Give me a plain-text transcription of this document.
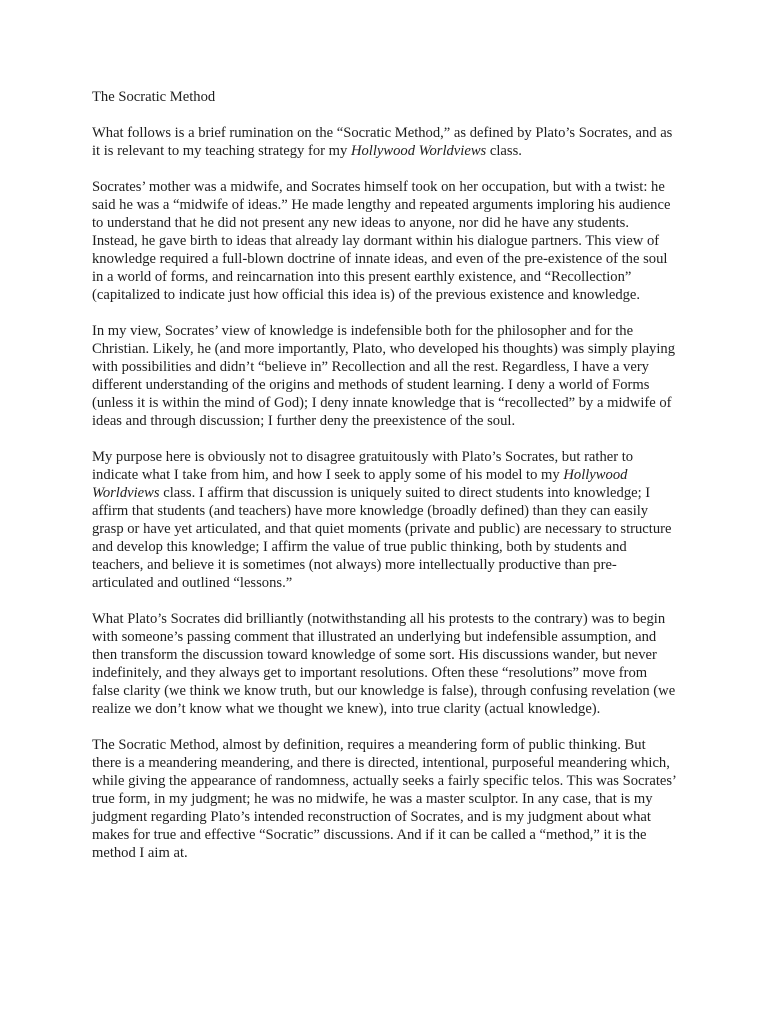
The Socratic Method

What follows is a brief rumination on the “Socratic Method,” as defined by Plato’s Socrates, and as it is relevant to my teaching strategy for my Hollywood Worldviews class.

Socrates’ mother was a midwife, and Socrates himself took on her occupation, but with a twist: he said he was a “midwife of ideas.” He made lengthy and repeated arguments imploring his audience to understand that he did not present any new ideas to anyone, nor did he have any students. Instead, he gave birth to ideas that already lay dormant within his dialogue partners. This view of knowledge required a full-blown doctrine of innate ideas, and even of the pre-existence of the soul in a world of forms, and reincarnation into this present earthly existence, and “Recollection” (capitalized to indicate just how official this idea is) of the previous existence and knowledge.

In my view, Socrates’ view of knowledge is indefensible both for the philosopher and for the Christian. Likely, he (and more importantly, Plato, who developed his thoughts) was simply playing with possibilities and didn’t “believe in” Recollection and all the rest. Regardless, I have a very different understanding of the origins and methods of student learning. I deny a world of Forms (unless it is within the mind of God); I deny innate knowledge that is “recollected” by a midwife of ideas and through discussion; I further deny the preexistence of the soul.

My purpose here is obviously not to disagree gratuitously with Plato’s Socrates, but rather to indicate what I take from him, and how I seek to apply some of his model to my Hollywood Worldviews class. I affirm that discussion is uniquely suited to direct students into knowledge; I affirm that students (and teachers) have more knowledge (broadly defined) than they can easily grasp or have yet articulated, and that quiet moments (private and public) are necessary to structure and develop this knowledge; I affirm the value of true public thinking, both by students and teachers, and believe it is sometimes (not always) more intellectually productive than pre-articulated and outlined “lessons.”

What Plato’s Socrates did brilliantly (notwithstanding all his protests to the contrary) was to begin with someone’s passing comment that illustrated an underlying but indefensible assumption, and then transform the discussion toward knowledge of some sort. His discussions wander, but never indefinitely, and they always get to important resolutions. Often these “resolutions” move from false clarity (we think we know truth, but our knowledge is false), through confusing revelation (we realize we don’t know what we thought we knew), into true clarity (actual knowledge).

The Socratic Method, almost by definition, requires a meandering form of public thinking. But there is a meandering meandering, and there is directed, intentional, purposeful meandering which, while giving the appearance of randomness, actually seeks a fairly specific telos. This was Socrates’ true form, in my judgment; he was no midwife, he was a master sculptor. In any case, that is my judgment regarding Plato’s intended reconstruction of Socrates, and is my judgment about what makes for true and effective “Socratic” discussions. And if it can be called a “method,” it is the method I aim at.
